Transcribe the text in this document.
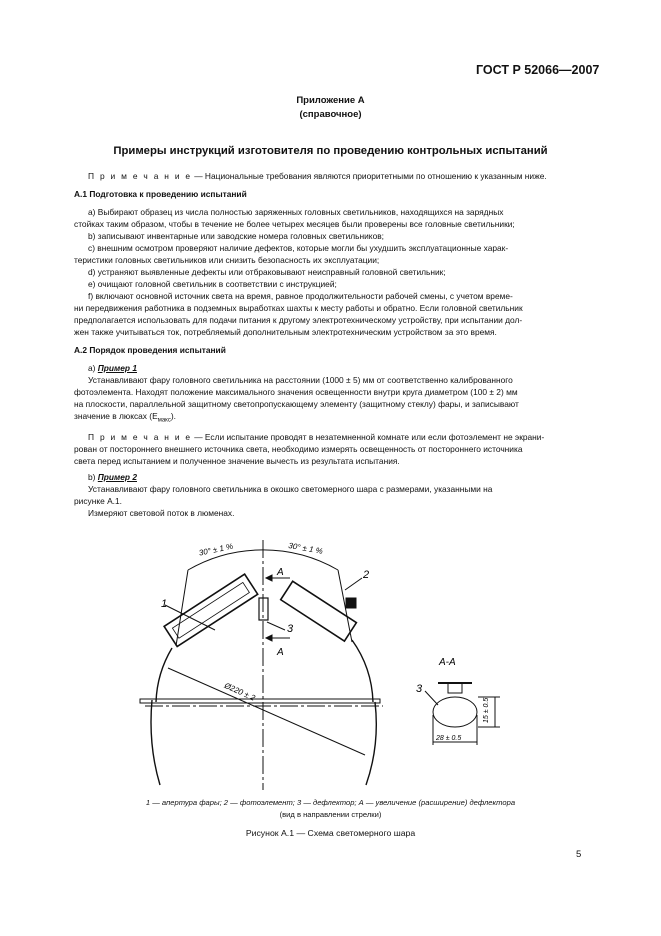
ГОСТ Р 52066—2007
Приложение А
(справочное)
Примеры инструкций изготовителя по проведению контрольных испытаний

П р и м е ч а н и е — Национальные требования являются приоритетными по отношению к указанным ниже.

А.1 Подготовка к проведению испытаний

а) Выбирают образец из числа полностью заряженных головных светильников, находящихся на зарядных

стойках таким образом, чтобы в течение не более четырех месяцев были проверены все головные светильники;

b) записывают инвентарные или заводские номера головных светильников;

с) внешним осмотром проверяют наличие дефектов, которые могли бы ухудшить эксплуатационные харак-

теристики головных светильников или снизить безопасность их эксплуатации;

d) устраняют выявленные дефекты или отбраковывают неисправный головной светильник;

е) очищают головной светильник в соответствии с инструкцией;

f) включают основной источник света на время, равное продолжительности рабочей смены, с учетом време-

ни передвижения работника в подземных выработках шахты к месту работы и обратно. Если головной светильник

предполагается использовать для подачи питания к другому электротехническому устройству, при испытании дол-

жен также учитываться ток, потребляемый дополнительным электротехническим устройством за это время.

А.2 Порядок проведения испытаний

а) Пример 1

Устанавливают фару головного светильника на расстоянии (1000 ± 5) мм от соответственно калиброванного

фотоэлемента. Находят положение максимального значения освещенности внутри круга диаметром (100 ± 2) мм

на плоскости, параллельной защитному светопропускающему элементу (защитному стеклу) фары, и записывают

значение в люксах $(E_{макс})$.

П р и м е ч а н и е — Если испытание проводят в незатемненной комнате или если фотоэлемент не экрани-

рован от постороннего внешнего источника света, необходимо измерять освещенность от постороннего источника

света перед испытанием и полученное значение вычесть из результата испытания.

b) Пример 2

Устанавливают фару головного светильника в окошко светомерного шара с размерами, указанными на

рисунке А.1.

Измеряют световой поток в люменах.

30° ± 1 %	30° ± 1 %
Ø220 ± 2
1
2
3
A
A
А-А
3
15 ± 0.5
28 ± 0.5
1 — апертура фары; 2 — фотоэлемент; 3 — дефлектор; А — увеличение (расширение) дефлектора
(вид в направлении стрелки)
Рисунок А.1 — Схема светомерного шара
5
